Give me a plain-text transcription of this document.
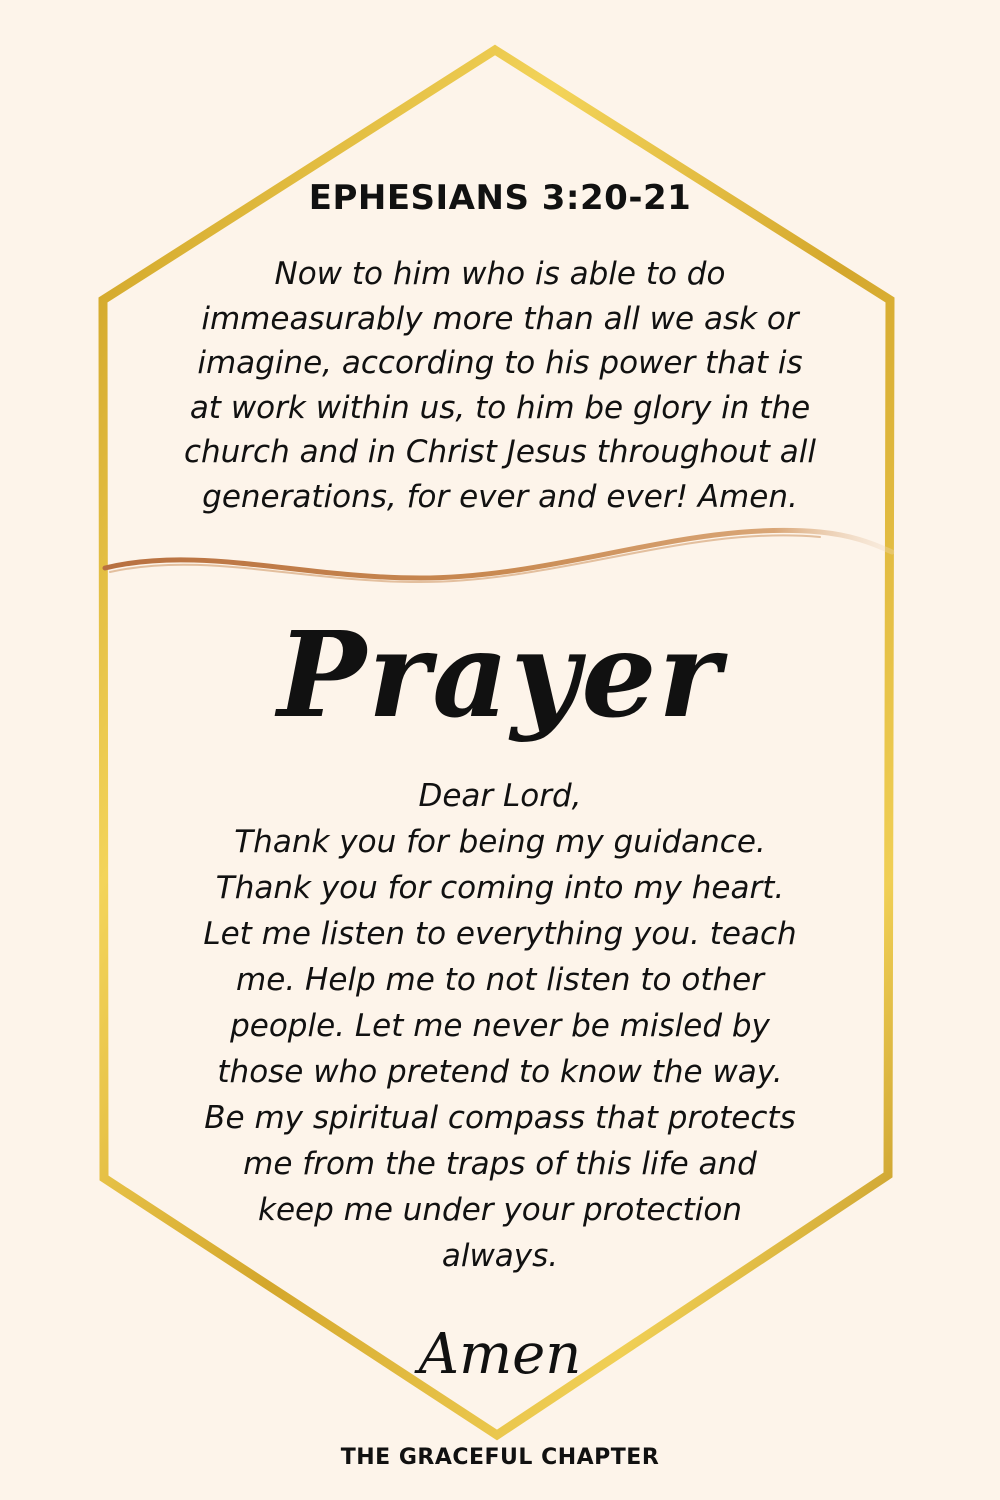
EPHESIANS 3:20-21

Now to him who is able to do
immeasurably more than all we ask or
imagine, according to his power that is
at work within us, to him be glory in the
church and in Christ Jesus throughout all
generations, for ever and ever! Amen.

Prayer

Dear Lord,
Thank you for being my guidance.
Thank you for coming into my heart.
Let me listen to everything you. teach
me. Help me to not listen to other
people. Let me never be misled by
those who pretend to know the way.
Be my spiritual compass that protects
me from the traps of this life and
keep me under your protection
always.

Amen
THE GRACEFUL CHAPTER
